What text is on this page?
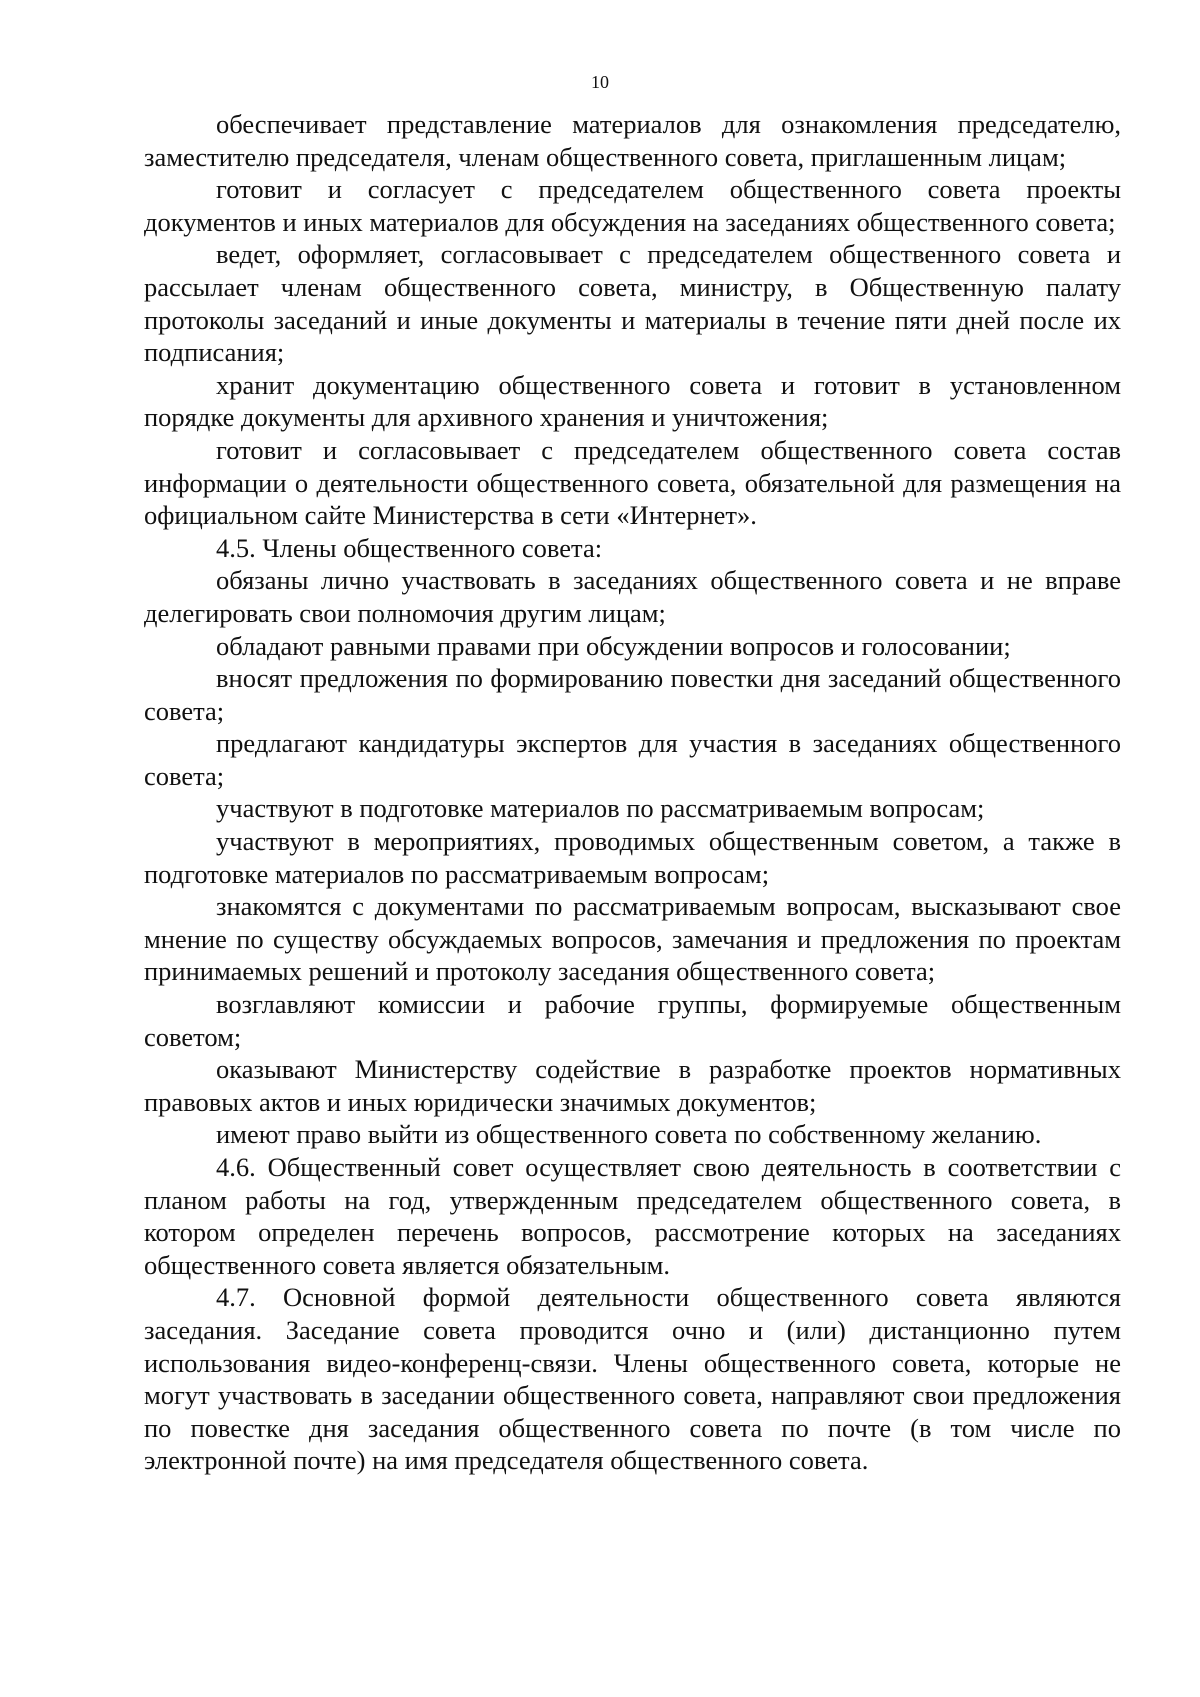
10

обеспечивает представление материалов для ознакомления председателю, заместителю председателя, членам общественного совета, приглашенным лицам;

готовит и согласует с председателем общественного совета проекты документов и иных материалов для обсуждения на заседаниях общественного совета;

ведет, оформляет, согласовывает с председателем общественного совета и рассылает членам общественного совета, министру, в Общественную палату протоколы заседаний и иные документы и материалы в течение пяти дней после их подписания;

хранит документацию общественного совета и готовит в установленном порядке документы для архивного хранения и уничтожения;

готовит и согласовывает с председателем общественного совета состав информации о деятельности общественного совета, обязательной для размещения на официальном сайте Министерства в сети «Интернет».

4.5. Члены общественного совета:

обязаны лично участвовать в заседаниях общественного совета и не вправе делегировать свои полномочия другим лицам;

обладают равными правами при обсуждении вопросов и голосовании;

вносят предложения по формированию повестки дня заседаний общественного совета;

предлагают кандидатуры экспертов для участия в заседаниях общественного совета;

участвуют в подготовке материалов по рассматриваемым вопросам;

участвуют в мероприятиях, проводимых общественным советом, а также в подготовке материалов по рассматриваемым вопросам;

знакомятся с документами по рассматриваемым вопросам, высказывают свое мнение по существу обсуждаемых вопросов, замечания и предложения по проектам принимаемых решений и протоколу заседания общественного совета;

возглавляют комиссии и рабочие группы, формируемые общественным советом;

оказывают Министерству содействие в разработке проектов нормативных правовых актов и иных юридически значимых документов;

имеют право выйти из общественного совета по собственному желанию.

4.6. Общественный совет осуществляет свою деятельность в соответствии с планом работы на год, утвержденным председателем общественного совета, в котором определен перечень вопросов, рассмотрение которых на заседаниях общественного совета является обязательным.

4.7. Основной формой деятельности общественного совета являются заседания. Заседание совета проводится очно и (или) дистанционно путем использования видео-конференц-связи. Члены общественного совета, которые не могут участвовать в заседании общественного совета, направляют свои предложения по повестке дня заседания общественного совета по почте (в том числе по электронной почте) на имя председателя общественного совета.
